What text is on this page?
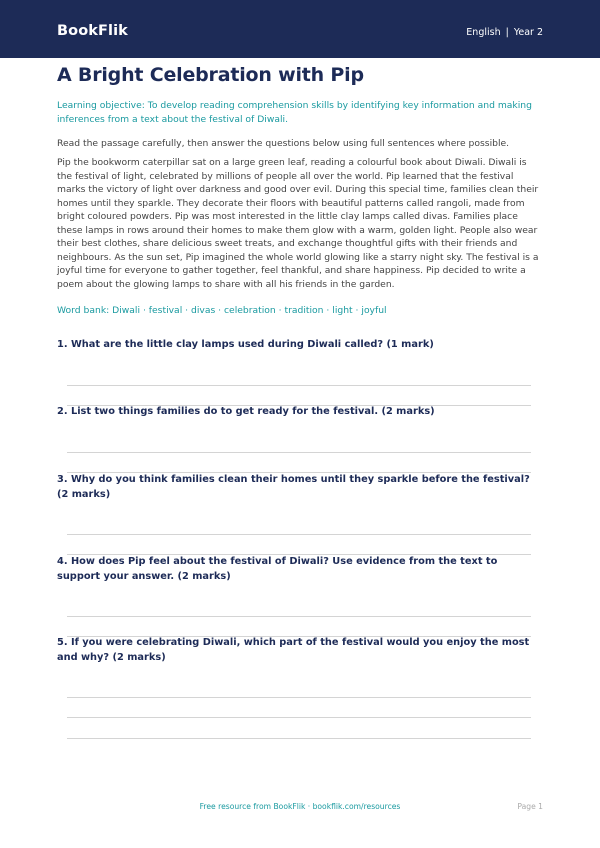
BookFlik	English | Year 2
A Bright Celebration with Pip

Learning objective: To develop reading comprehension skills by identifying key information and making inferences from a text about the festival of Diwali.

Read the passage carefully, then answer the questions below using full sentences where possible.

Pip the bookworm caterpillar sat on a large green leaf, reading a colourful book about Diwali. Diwali is the festival of light, celebrated by millions of people all over the world. Pip learned that the festival marks the victory of light over darkness and good over evil. During this special time, families clean their homes until they sparkle. They decorate their floors with beautiful patterns called rangoli, made from bright coloured powders. Pip was most interested in the little clay lamps called divas. Families place these lamps in rows around their homes to make them glow with a warm, golden light. People also wear their best clothes, share delicious sweet treats, and exchange thoughtful gifts with their friends and neighbours. As the sun set, Pip imagined the whole world glowing like a starry night sky. The festival is a joyful time for everyone to gather together, feel thankful, and share happiness. Pip decided to write a poem about the glowing lamps to share with all his friends in the garden.

Word bank: Diwali · festival · divas · celebration · tradition · light · joyful

1. What are the little clay lamps used during Diwali called? (1 mark)

2. List two things families do to get ready for the festival. (2 marks)

3. Why do you think families clean their homes until they sparkle before the festival? (2 marks)

4. How does Pip feel about the festival of Diwali? Use evidence from the text to support your answer. (2 marks)

5. If you were celebrating Diwali, which part of the festival would you enjoy the most and why? (2 marks)

Free resource from BookFlik · bookflik.com/resources	Page 1
